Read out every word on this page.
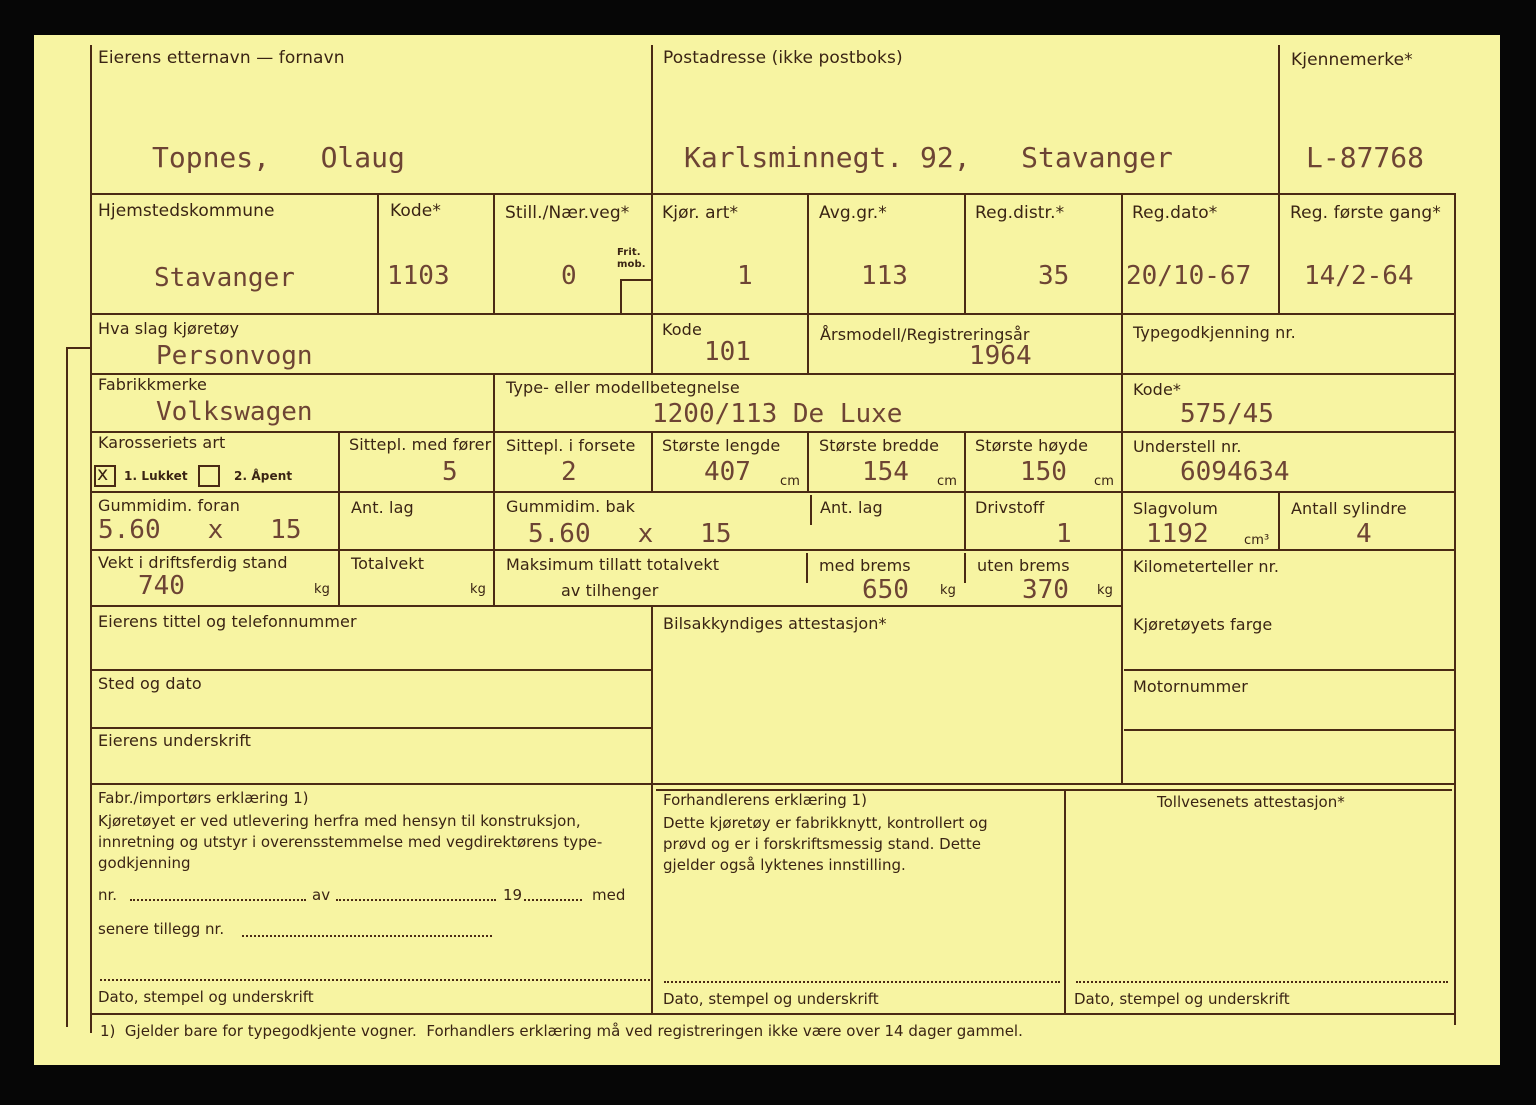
Eierens etternavn — fornavn
Topnes,   Olaug
Postadresse (ikke postboks)
Karlsminnegt. 92,   Stavanger
Kjennemerke*
L-87768
Hjemstedskommune
Stavanger
Kode*
1103
Still./Nær.veg*
0
Frit.
mob.
Kjør. art*
1
Avg.gr.*
113
Reg.distr.*
35
Reg.dato*
20/10-67
Reg. første gang*
14/2-64
Hva slag kjøretøy
Personvogn
Kode
101
Årsmodell/Registreringsår
1964
Typegodkjenning nr.
Fabrikkmerke
Volkswagen
Type- eller modellbetegnelse
1200/113 De Luxe
Kode*
575/45
Karosseriets art
x 1. Lukket	2. Åpent
Sittepl. med fører
5
Sittepl. i forsete
2
Største lengde
407 cm
Største bredde
154 cm
Største høyde
150 cm
Understell nr.
6094634
Gummidim. foran
5.60   x   15
Ant. lag	Gummidim. bak
5.60   x   15
Ant. lag	Drivstoff
1
Slagvolum
1192	cm³
Antall sylindre
4
Vekt i driftsferdig stand
740	kg
Totalvekt
kg
Maksimum tillatt totalvekt
av tilhenger
med brems
650 kg
uten brems
370 kg
Kilometerteller nr.
Eierens tittel og telefonnummer
Sted og dato
Eierens underskrift
Bilsakkyndiges attestasjon*	Kjøretøyets farge
Motornummer
Fabr./importørs erklæring 1)
Kjøretøyet er ved utlevering herfra med hensyn til konstruksjon,
innretning og utstyr i overensstemmelse med vegdirektørens type-
godkjenning
nr.	av	19	med
senere tillegg nr.
Dato, stempel og underskrift
Forhandlerens erklæring 1)
Dette kjøretøy er fabrikknytt, kontrollert og
prøvd og er i forskriftsmessig stand. Dette
gjelder også lyktenes innstilling.
Dato, stempel og underskrift
Tollvesenets attestasjon*
Dato, stempel og underskrift
1)  Gjelder bare for typegodkjente vogner.  Forhandlers erklæring må ved registreringen ikke være over 14 dager gammel.
